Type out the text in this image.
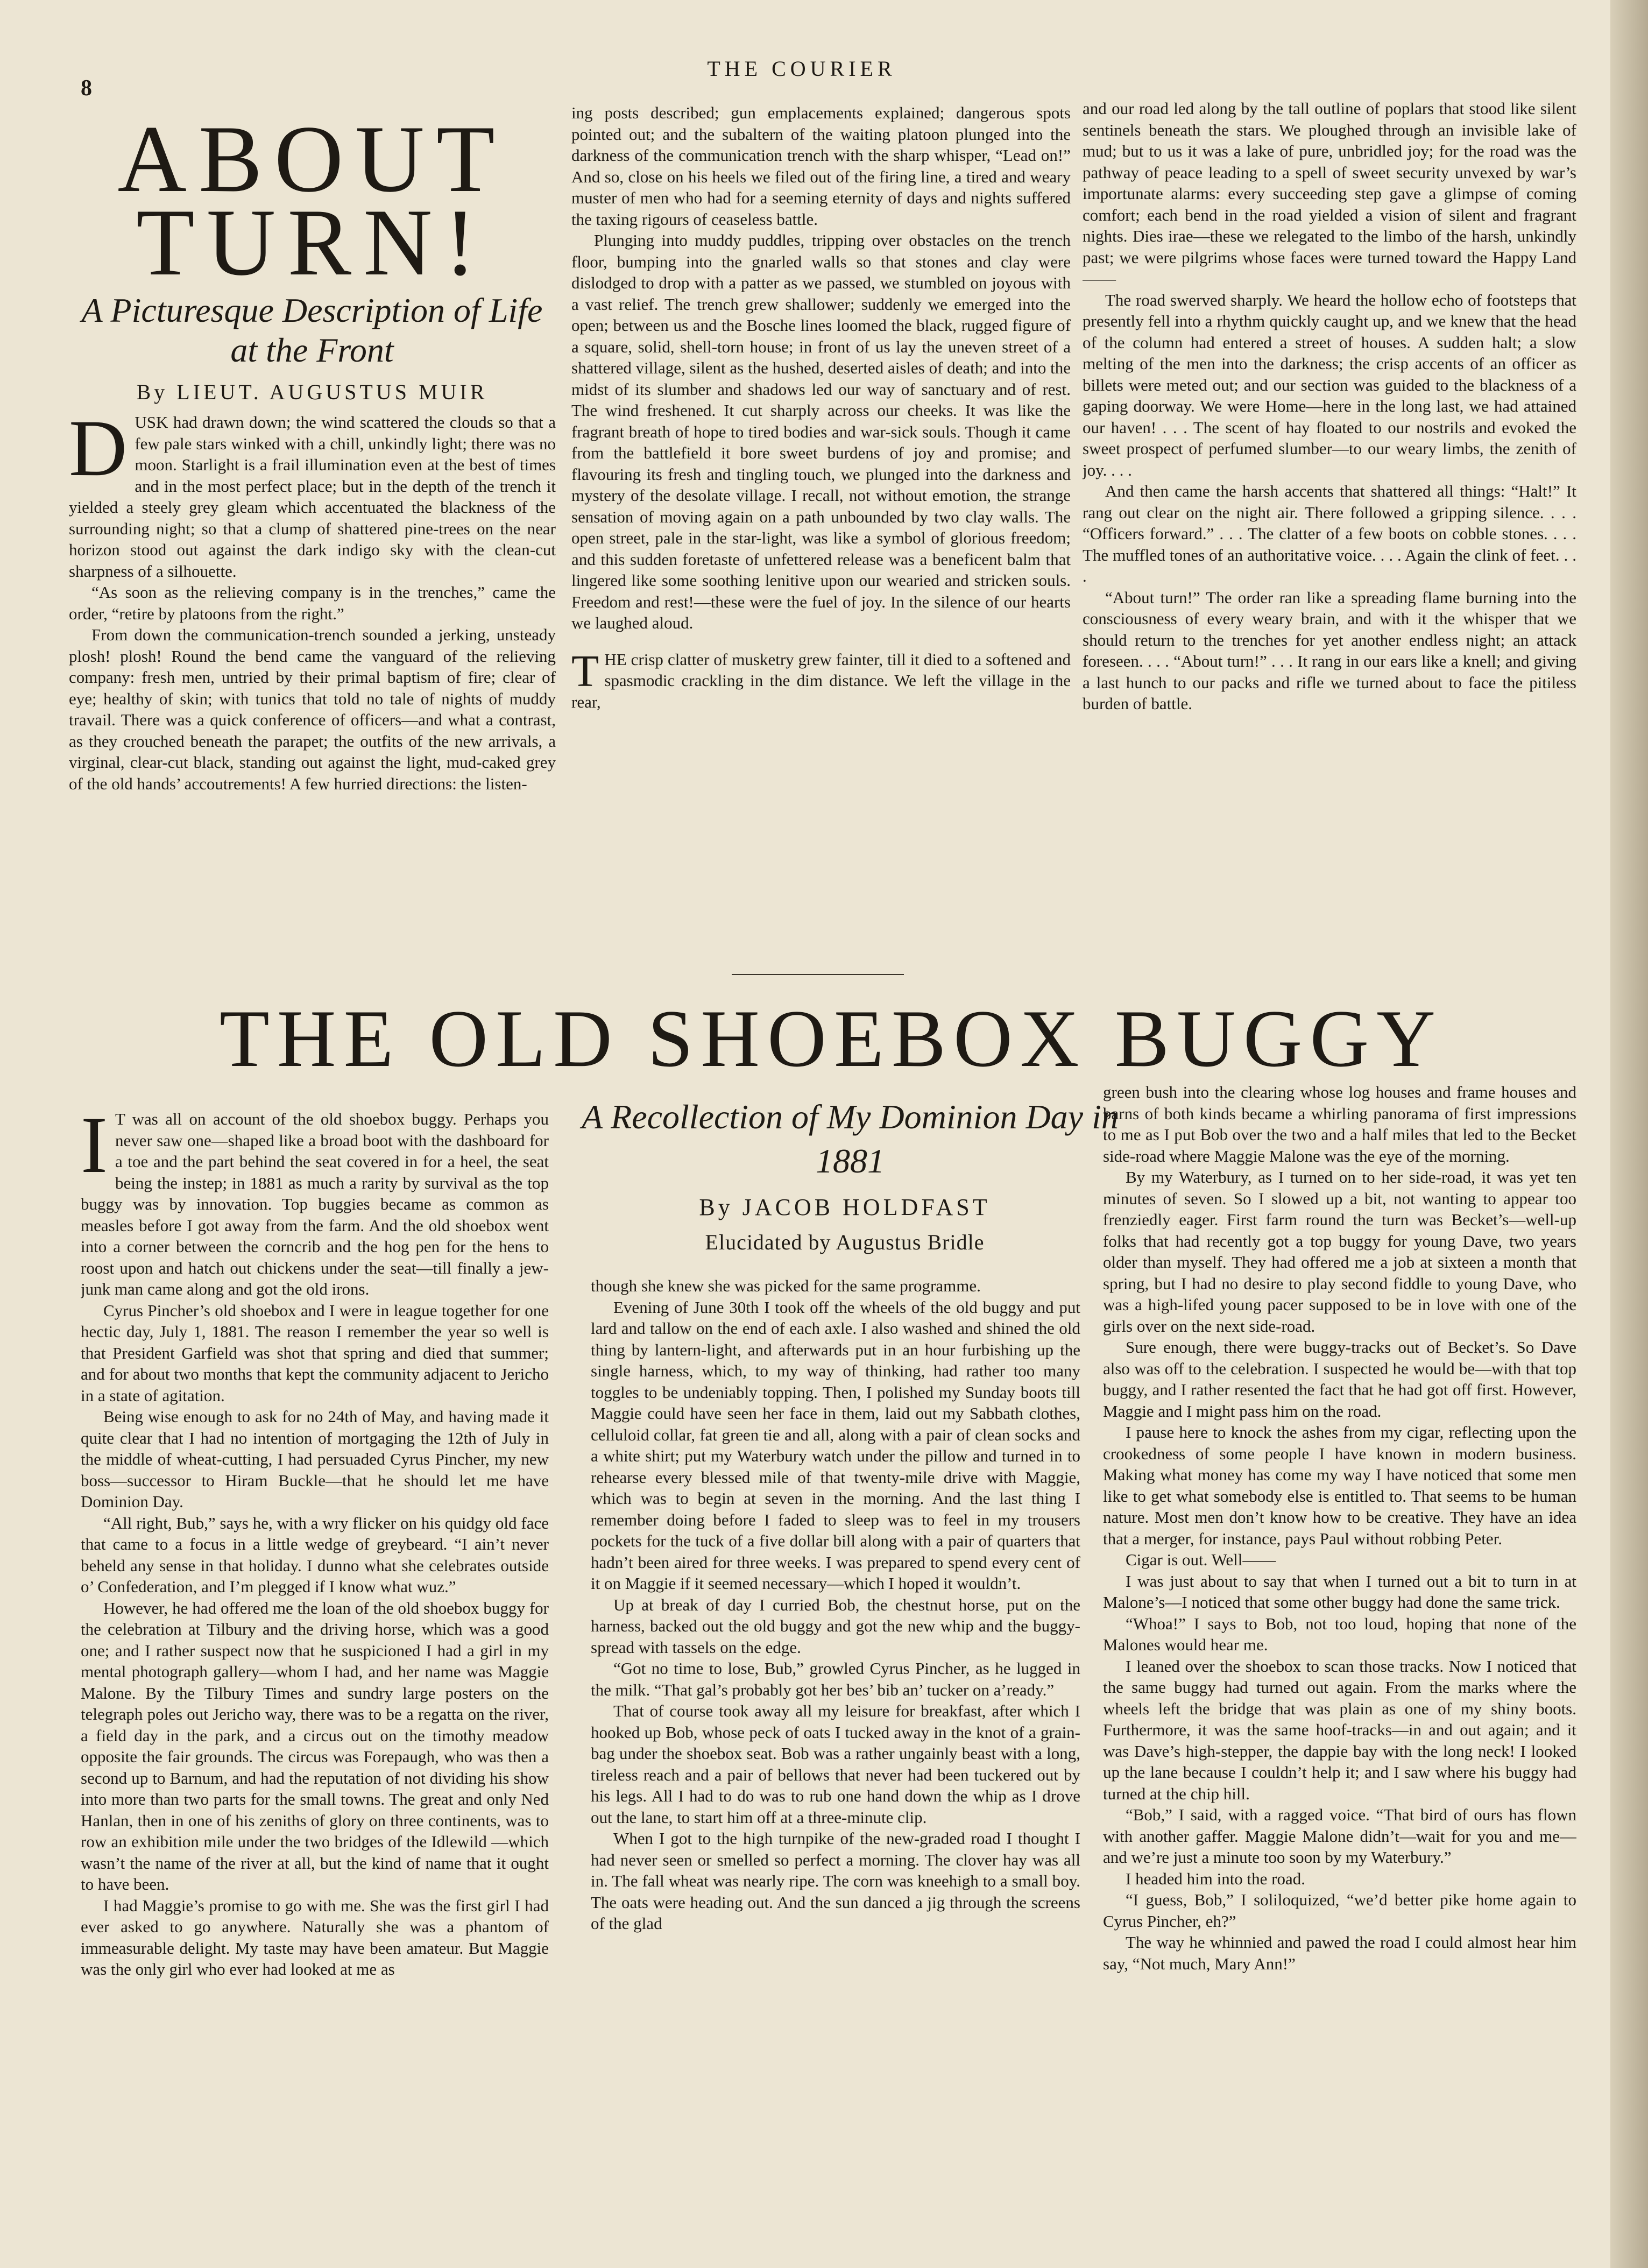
8
THE COURIER
ABOUT
TURN!
A Picturesque Description of Life at the Front
By LIEUT. AUGUSTUS MUIR
D USK had drawn down; the wind scattered the clouds so that a few pale stars winked with a chill, unkindly light; there was no moon. Starlight is a frail illumination even at the best of times and in the most perfect place; but in the depth of the trench it yielded a steely grey gleam which accentuated the blackness of the surrounding night; so that a clump of shattered pine-trees on the near horizon stood out against the dark indigo sky with the clean-cut sharpness of a silhouette.

“As soon as the relieving company is in the trenches,” came the order, “retire by platoons from the right.”

From down the communication-trench sounded a jerking, unsteady plosh! plosh! Round the bend came the vanguard of the relieving company: fresh men, untried by their primal baptism of fire; clear of eye; healthy of skin; with tunics that told no tale of nights of muddy travail. There was a quick conference of officers—and what a contrast, as they crouched beneath the parapet; the outfits of the new arrivals, a virginal, clear-cut black, standing out against the light, mud-caked grey of the old hands’ accoutrements! A few hurried directions: the listen-

ing posts described; gun emplacements explained; dangerous spots pointed out; and the subaltern of the waiting platoon plunged into the darkness of the communication trench with the sharp whisper, “Lead on!” And so, close on his heels we filed out of the firing line, a tired and weary muster of men who had for a seeming eternity of days and nights suffered the taxing rigours of ceaseless battle.

Plunging into muddy puddles, tripping over obstacles on the trench floor, bumping into the gnarled walls so that stones and clay were dislodged to drop with a patter as we passed, we stumbled on joyous with a vast relief. The trench grew shallower; suddenly we emerged into the open; between us and the Bosche lines loomed the black, rugged figure of a square, solid, shell-torn house; in front of us lay the uneven street of a shattered village, silent as the hushed, deserted aisles of death; and into the midst of its slumber and shadows led our way of sanctuary and of rest. The wind freshened. It cut sharply across our cheeks. It was like the fragrant breath of hope to tired bodies and war-sick souls. Though it came from the battlefield it bore sweet burdens of joy and promise; and flavouring its fresh and tingling touch, we plunged into the darkness and mystery of the desolate village. I recall, not without emotion, the strange sensation of moving again on a path unbounded by two clay walls. The open street, pale in the star-light, was like a symbol of glorious freedom; and this sudden foretaste of unfettered release was a beneficent balm that lingered like some soothing lenitive upon our wearied and stricken souls. Freedom and rest!—these were the fuel of joy. In the silence of our hearts we laughed aloud.

T HE crisp clatter of musketry grew fainter, till it died to a softened and spasmodic crackling in the dim distance. We left the village in the rear,

and our road led along by the tall outline of poplars that stood like silent sentinels beneath the stars. We ploughed through an invisible lake of mud; but to us it was a lake of pure, unbridled joy; for the road was the pathway of peace leading to a spell of sweet security unvexed by war’s importunate alarms: every succeeding step gave a glimpse of coming comfort; each bend in the road yielded a vision of silent and fragrant nights. Dies irae—these we relegated to the limbo of the harsh, unkindly past; we were pilgrims whose faces were turned toward the Happy Land——

The road swerved sharply. We heard the hollow echo of footsteps that presently fell into a rhythm quickly caught up, and we knew that the head of the column had entered a street of houses. A sudden halt; a slow melting of the men into the darkness; the crisp accents of an officer as billets were meted out; and our section was guided to the blackness of a gaping doorway. We were Home—here in the long last, we had attained our haven! . . . The scent of hay floated to our nostrils and evoked the sweet prospect of perfumed slumber—to our weary limbs, the zenith of joy. . . .

And then came the harsh accents that shattered all things: “Halt!” It rang out clear on the night air. There followed a gripping silence. . . . “Officers forward.” . . . The clatter of a few boots on cobble stones. . . . The muffled tones of an authoritative voice. . . . Again the clink of feet. . . .

“About turn!” The order ran like a spreading flame burning into the consciousness of every weary brain, and with it the whisper that we should return to the trenches for yet another endless night; an attack foreseen. . . . “About turn!” . . . It rang in our ears like a knell; and giving a last hunch to our packs and rifle we turned about to face the pitiless burden of battle.

THE OLD SHOEBOX BUGGY
I T was all on account of the old shoebox buggy. Perhaps you never saw one—shaped like a broad boot with the dashboard for a toe and the part behind the seat covered in for a heel, the seat being the instep; in 1881 as much a rarity by survival as the top buggy was by innovation. Top buggies became as common as measles before I got away from the farm. And the old shoebox went into a corner between the corncrib and the hog pen for the hens to roost upon and hatch out chickens under the seat—till finally a jew-junk man came along and got the old irons.

Cyrus Pincher’s old shoebox and I were in league together for one hectic day, July 1, 1881. The reason I remember the year so well is that President Garfield was shot that spring and died that summer; and for about two months that kept the community adjacent to Jericho in a state of agitation.

Being wise enough to ask for no 24th of May, and having made it quite clear that I had no intention of mortgaging the 12th of July in the middle of wheat-cutting, I had persuaded Cyrus Pincher, my new boss—successor to Hiram Buckle—that he should let me have Dominion Day.

“All right, Bub,” says he, with a wry flicker on his quidgy old face that came to a focus in a little wedge of greybeard. “I ain’t never beheld any sense in that holiday. I dunno what she celebrates outside o’ Confederation, and I’m plegged if I know what wuz.”

However, he had offered me the loan of the old shoebox buggy for the celebration at Tilbury and the driving horse, which was a good one; and I rather suspect now that he suspicioned I had a girl in my mental photograph gallery—whom I had, and her name was Maggie Malone. By the Tilbury Times and sundry large posters on the telegraph poles out Jericho way, there was to be a regatta on the river, a field day in the park, and a circus out on the timothy meadow opposite the fair grounds. The circus was Forepaugh, who was then a second up to Barnum, and had the reputation of not dividing his show into more than two parts for the small towns. The great and only Ned Hanlan, then in one of his zeniths of glory on three continents, was to row an exhibition mile under the two bridges of the Idlewild —which wasn’t the name of the river at all, but the kind of name that it ought to have been.

I had Maggie’s promise to go with me. She was the first girl I had ever asked to go anywhere. Naturally she was a phantom of immeasurable delight. My taste may have been amateur. But Maggie was the only girl who ever had looked at me as

A Recollection of My Dominion Day in 1881
By JACOB HOLDFAST
Elucidated by Augustus Bridle

though she knew she was picked for the same programme.

Evening of June 30th I took off the wheels of the old buggy and put lard and tallow on the end of each axle. I also washed and shined the old thing by lantern-light, and afterwards put in an hour furbishing up the single harness, which, to my way of thinking, had rather too many toggles to be undeniably topping. Then, I polished my Sunday boots till Maggie could have seen her face in them, laid out my Sabbath clothes, celluloid collar, fat green tie and all, along with a pair of clean socks and a white shirt; put my Waterbury watch under the pillow and turned in to rehearse every blessed mile of that twenty-mile drive with Maggie, which was to begin at seven in the morning. And the last thing I remember doing before I faded to sleep was to feel in my trousers pockets for the tuck of a five dollar bill along with a pair of quarters that hadn’t been aired for three weeks. I was prepared to spend every cent of it on Maggie if it seemed necessary—which I hoped it wouldn’t.

Up at break of day I curried Bob, the chestnut horse, put on the harness, backed out the old buggy and got the new whip and the buggy-spread with tassels on the edge.

“Got no time to lose, Bub,” growled Cyrus Pincher, as he lugged in the milk. “That gal’s probably got her bes’ bib an’ tucker on a’ready.”

That of course took away all my leisure for breakfast, after which I hooked up Bob, whose peck of oats I tucked away in the knot of a grain-bag under the shoebox seat. Bob was a rather ungainly beast with a long, tireless reach and a pair of bellows that never had been tuckered out by his legs. All I had to do was to rub one hand down the whip as I drove out the lane, to start him off at a three-minute clip.

When I got to the high turnpike of the new-graded road I thought I had never seen or smelled so perfect a morning. The clover hay was all in. The fall wheat was nearly ripe. The corn was kneehigh to a small boy. The oats were heading out. And the sun danced a jig through the screens of the glad

green bush into the clearing whose log houses and frame houses and barns of both kinds became a whirling panorama of first impressions to me as I put Bob over the two and a half miles that led to the Becket side-road where Maggie Malone was the eye of the morning.

By my Waterbury, as I turned on to her side-road, it was yet ten minutes of seven. So I slowed up a bit, not wanting to appear too frenziedly eager. First farm round the turn was Becket’s—well-up folks that had recently got a top buggy for young Dave, two years older than myself. They had offered me a job at sixteen a month that spring, but I had no desire to play second fiddle to young Dave, who was a high-lifed young pacer supposed to be in love with one of the girls over on the next side-road.

Sure enough, there were buggy-tracks out of Becket’s. So Dave also was off to the celebration. I suspected he would be—with that top buggy, and I rather resented the fact that he had got off first. However, Maggie and I might pass him on the road.

I pause here to knock the ashes from my cigar, reflecting upon the crookedness of some people I have known in modern business. Making what money has come my way I have noticed that some men like to get what somebody else is entitled to. That seems to be human nature. Most men don’t know how to be creative. They have an idea that a merger, for instance, pays Paul without robbing Peter.

Cigar is out. Well——

I was just about to say that when I turned out a bit to turn in at Malone’s—I noticed that some other buggy had done the same trick.

“Whoa!” I says to Bob, not too loud, hoping that none of the Malones would hear me.

I leaned over the shoebox to scan those tracks. Now I noticed that the same buggy had turned out again. From the marks where the wheels left the bridge that was plain as one of my shiny boots. Furthermore, it was the same hoof-tracks—in and out again; and it was Dave’s high-stepper, the dappie bay with the long neck! I looked up the lane because I couldn’t help it; and I saw where his buggy had turned at the chip hill.

“Bob,” I said, with a ragged voice. “That bird of ours has flown with another gaffer. Maggie Malone didn’t—wait for you and me—and we’re just a minute too soon by my Waterbury.”

I headed him into the road.

“I guess, Bob,” I soliloquized, “we’d better pike home again to Cyrus Pincher, eh?”

The way he whinnied and pawed the road I could almost hear him say, “Not much, Mary Ann!”
